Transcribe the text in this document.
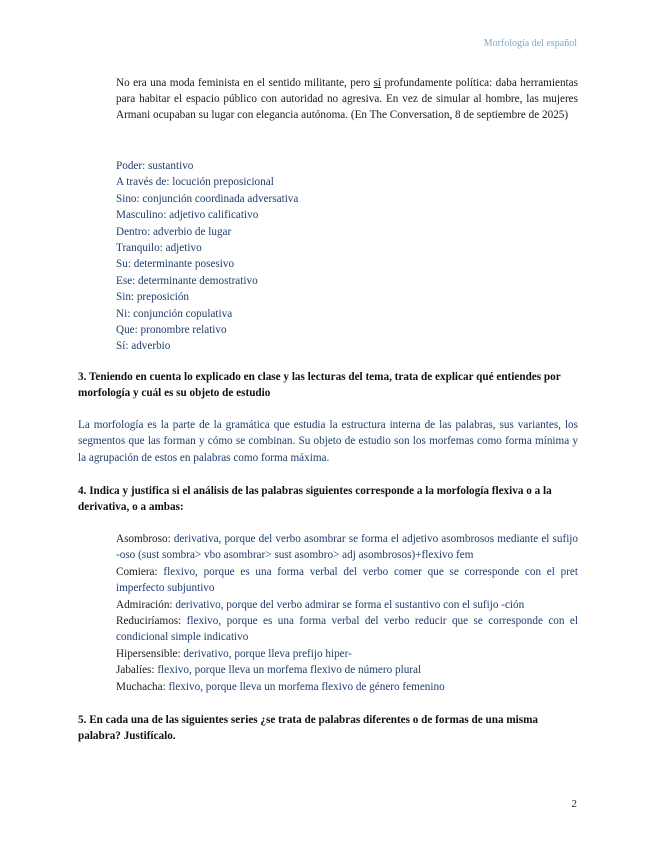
Morfología del español
No era una moda feminista en el sentido militante, pero sí profundamente política: daba herramientas para habitar el espacio público con autoridad no agresiva. En vez de simular al hombre, las mujeres Armani ocupaban su lugar con elegancia autónoma. (En The Conversation, 8 de septiembre de 2025)
Poder: sustantivo
A través de: locución preposicional
Sino: conjunción coordinada adversativa
Masculino: adjetivo calificativo
Dentro: adverbio de lugar
Tranquilo: adjetivo
Su: determinante posesivo
Ese: determinante demostrativo
Sin: preposición
Ni: conjunción copulativa
Que: pronombre relativo
Sí: adverbio
3. Teniendo en cuenta lo explicado en clase y las lecturas del tema, trata de explicar qué entiendes por morfología y cuál es su objeto de estudio
La morfología es la parte de la gramática que estudia la estructura interna de las palabras, sus variantes, los segmentos que las forman y cómo se combinan. Su objeto de estudio son los morfemas como forma mínima y la agrupación de estos en palabras como forma máxima.
4. Indica y justifica si el análisis de las palabras siguientes corresponde a la morfología flexiva o a la derivativa, o a ambas:
Asombroso: derivativa, porque del verbo asombrar se forma el adjetivo asombrosos mediante el sufijo -oso (sust sombra> vbo asombrar> sust asombro> adj asombrosos)+flexivo fem
Comiera: flexivo, porque es una forma verbal del verbo comer que se corresponde con el pret imperfecto subjuntivo
Admiración: derivativo, porque del verbo admirar se forma el sustantivo con el sufijo -ción
Reduciríamos: flexivo, porque es una forma verbal del verbo reducir que se corresponde con el condicional simple indicativo
Hipersensible: derivativo, porque lleva prefijo hiper-
Jabalíes: flexivo, porque lleva un morfema flexivo de número plural
Muchacha: flexivo, porque lleva un morfema flexivo de género femenino
5. En cada una de las siguientes series ¿se trata de palabras diferentes o de formas de una misma palabra? Justifícalo.
2
